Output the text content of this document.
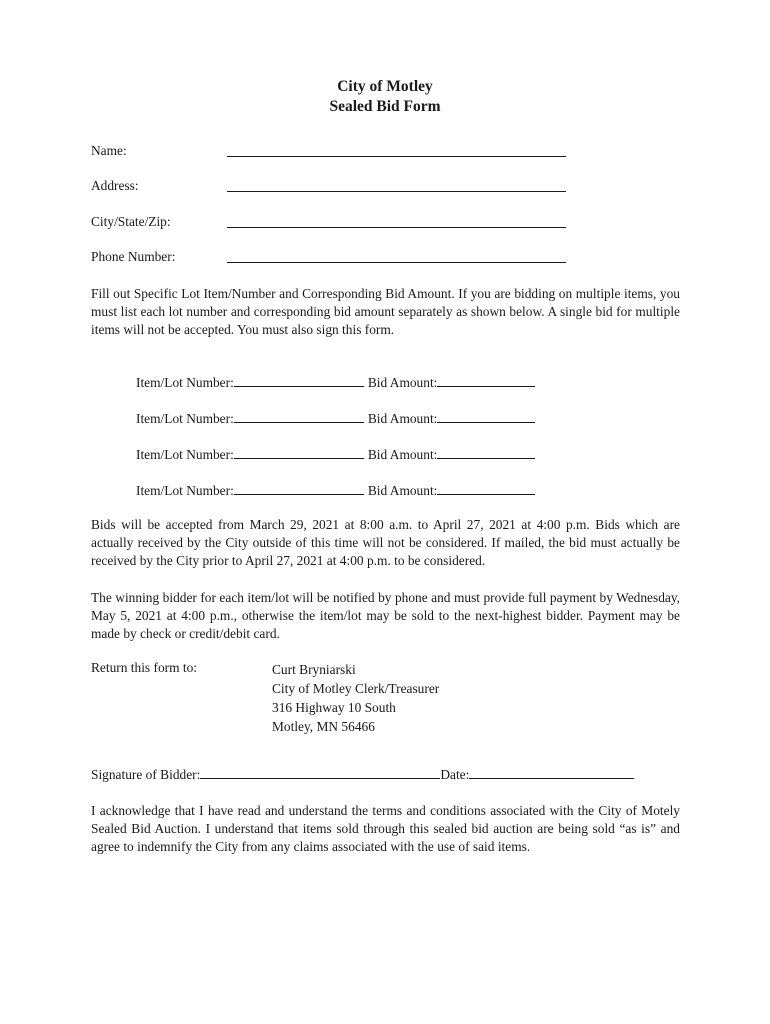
City of Motley
Sealed Bid Form
Name:
Address:
City/State/Zip:
Phone Number:
Fill out Specific Lot Item/Number and Corresponding Bid Amount. If you are bidding on multiple items, you must list each lot number and corresponding bid amount separately as shown below. A single bid for multiple items will not be accepted. You must also sign this form.
Item/Lot Number:	Bid Amount:
Item/Lot Number:	Bid Amount:
Item/Lot Number:	Bid Amount:
Item/Lot Number:	Bid Amount:
Bids will be accepted from March 29, 2021 at 8:00 a.m. to April 27, 2021 at 4:00 p.m. Bids which are actually received by the City outside of this time will not be considered. If mailed, the bid must actually be received by the City prior to April 27, 2021 at 4:00 p.m. to be considered.
The winning bidder for each item/lot will be notified by phone and must provide full payment by Wednesday, May 5, 2021 at 4:00 p.m., otherwise the item/lot may be sold to the next-highest bidder. Payment may be made by check or credit/debit card.
Return this form to:	Curt Bryniarski
City of Motley Clerk/Treasurer
316 Highway 10 South
Motley, MN 56466
Signature of Bidder:	Date:
I acknowledge that I have read and understand the terms and conditions associated with the City of Motely Sealed Bid Auction. I understand that items sold through this sealed bid auction are being sold “as is” and agree to indemnify the City from any claims associated with the use of said items.
